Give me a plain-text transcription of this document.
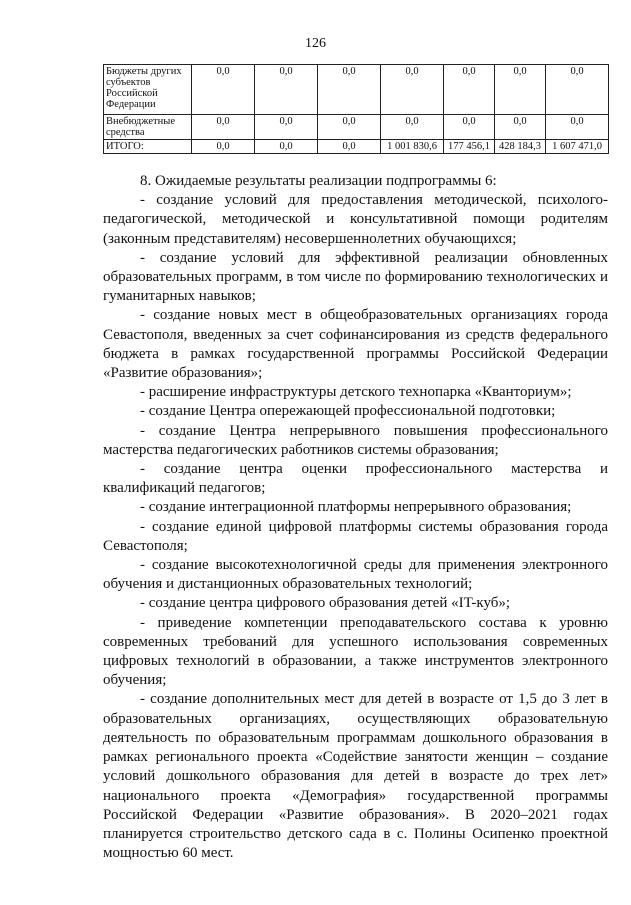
126
Бюджеты других субъектов Российской Федерации	0,0	0,0	0,0	0,0	0,0	0,0	0,0
Внебюджетные средства	0,0	0,0	0,0	0,0	0,0	0,0	0,0
ИТОГО:	0,0	0,0	0,0	1 001 830,6	177 456,1	428 184,3	1 607 471,0

8. Ожидаемые результаты реализации подпрограммы 6:

- создание условий для предоставления методической, психолого-педагогической, методической и консультативной помощи родителям (законным представителям) несовершеннолетних обучающихся;

- создание условий для эффективной реализации обновленных образовательных программ, в том числе по формированию технологических и гуманитарных навыков;

- создание новых мест в общеобразовательных организациях города Севастополя, введенных за счет софинансирования из средств федерального бюджета в рамках государственной программы Российской Федерации «Развитие образования»;

- расширение инфраструктуры детского технопарка «Кванториум»;

- создание Центра опережающей профессиональной подготовки;

- создание Центра непрерывного повышения профессионального мастерства педагогических работников системы образования;

- создание центра оценки профессионального мастерства и квалификаций педагогов;

- создание интеграционной платформы непрерывного образования;

- создание единой цифровой платформы системы образования города Севастополя;

- создание высокотехнологичной среды для применения электронного обучения и дистанционных образовательных технологий;

- создание центра цифрового образования детей «IT-куб»;

- приведение компетенции преподавательского состава к уровню современных требований для успешного использования современных цифровых технологий в образовании, а также инструментов электронного обучения;

- создание дополнительных мест для детей в возрасте от 1,5 до 3 лет в образовательных организациях, осуществляющих образовательную деятельность по образовательным программам дошкольного образования в рамках регионального проекта «Содействие занятости женщин – создание условий дошкольного образования для детей в возрасте до трех лет» национального проекта «Демография» государственной программы Российской Федерации «Развитие образования». В 2020–2021 годах планируется строительство детского сада в с. Полины Осипенко проектной мощностью 60 мест.
